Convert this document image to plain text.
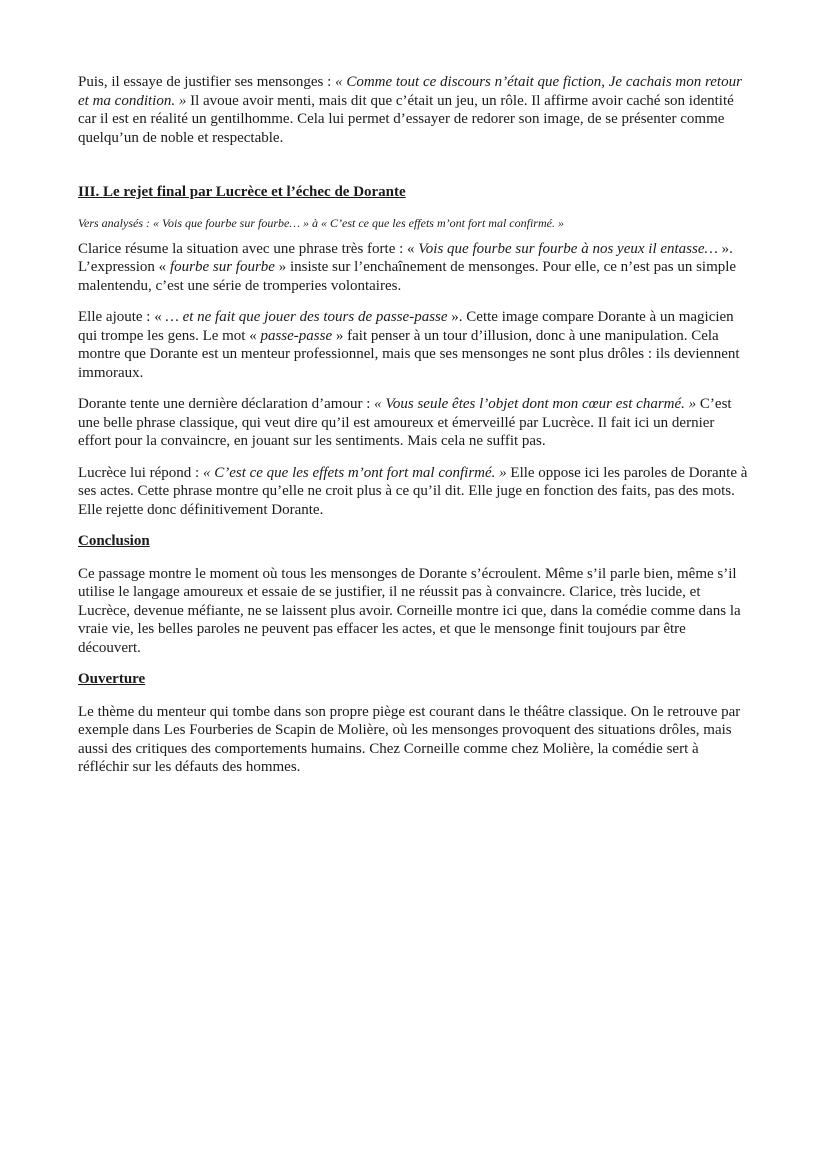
Puis, il essaye de justifier ses mensonges : « Comme tout ce discours n’était que fiction, Je cachais mon retour et ma condition. » Il avoue avoir menti, mais dit que c’était un jeu, un rôle. Il affirme avoir caché son identité car il est en réalité un gentilhomme. Cela lui permet d’essayer de redorer son image, de se présenter comme quelqu’un de noble et respectable.

III. Le rejet final par Lucrèce et l’échec de Dorante

Vers analysés : « Vois que fourbe sur fourbe… » à « C’est ce que les effets m’ont fort mal confirmé. »

Clarice résume la situation avec une phrase très forte : « Vois que fourbe sur fourbe à nos yeux il entasse… ». L’expression « fourbe sur fourbe » insiste sur l’enchaînement de mensonges. Pour elle, ce n’est pas un simple malentendu, c’est une série de tromperies volontaires.

Elle ajoute : « … et ne fait que jouer des tours de passe-passe ». Cette image compare Dorante à un magicien qui trompe les gens. Le mot « passe-passe » fait penser à un tour d’illusion, donc à une manipulation. Cela montre que Dorante est un menteur professionnel, mais que ses mensonges ne sont plus drôles : ils deviennent immoraux.

Dorante tente une dernière déclaration d’amour : « Vous seule êtes l’objet dont mon cœur est charmé. » C’est une belle phrase classique, qui veut dire qu’il est amoureux et émerveillé par Lucrèce. Il fait ici un dernier effort pour la convaincre, en jouant sur les sentiments. Mais cela ne suffit pas.

Lucrèce lui répond : « C’est ce que les effets m’ont fort mal confirmé. » Elle oppose ici les paroles de Dorante à ses actes. Cette phrase montre qu’elle ne croit plus à ce qu’il dit. Elle juge en fonction des faits, pas des mots. Elle rejette donc définitivement Dorante.

Conclusion

Ce passage montre le moment où tous les mensonges de Dorante s’écroulent. Même s’il parle bien, même s’il utilise le langage amoureux et essaie de se justifier, il ne réussit pas à convaincre. Clarice, très lucide, et Lucrèce, devenue méfiante, ne se laissent plus avoir. Corneille montre ici que, dans la comédie comme dans la vraie vie, les belles paroles ne peuvent pas effacer les actes, et que le mensonge finit toujours par être découvert.

Ouverture

Le thème du menteur qui tombe dans son propre piège est courant dans le théâtre classique. On le retrouve par exemple dans Les Fourberies de Scapin de Molière, où les mensonges provoquent des situations drôles, mais aussi des critiques des comportements humains. Chez Corneille comme chez Molière, la comédie sert à réfléchir sur les défauts des hommes.
